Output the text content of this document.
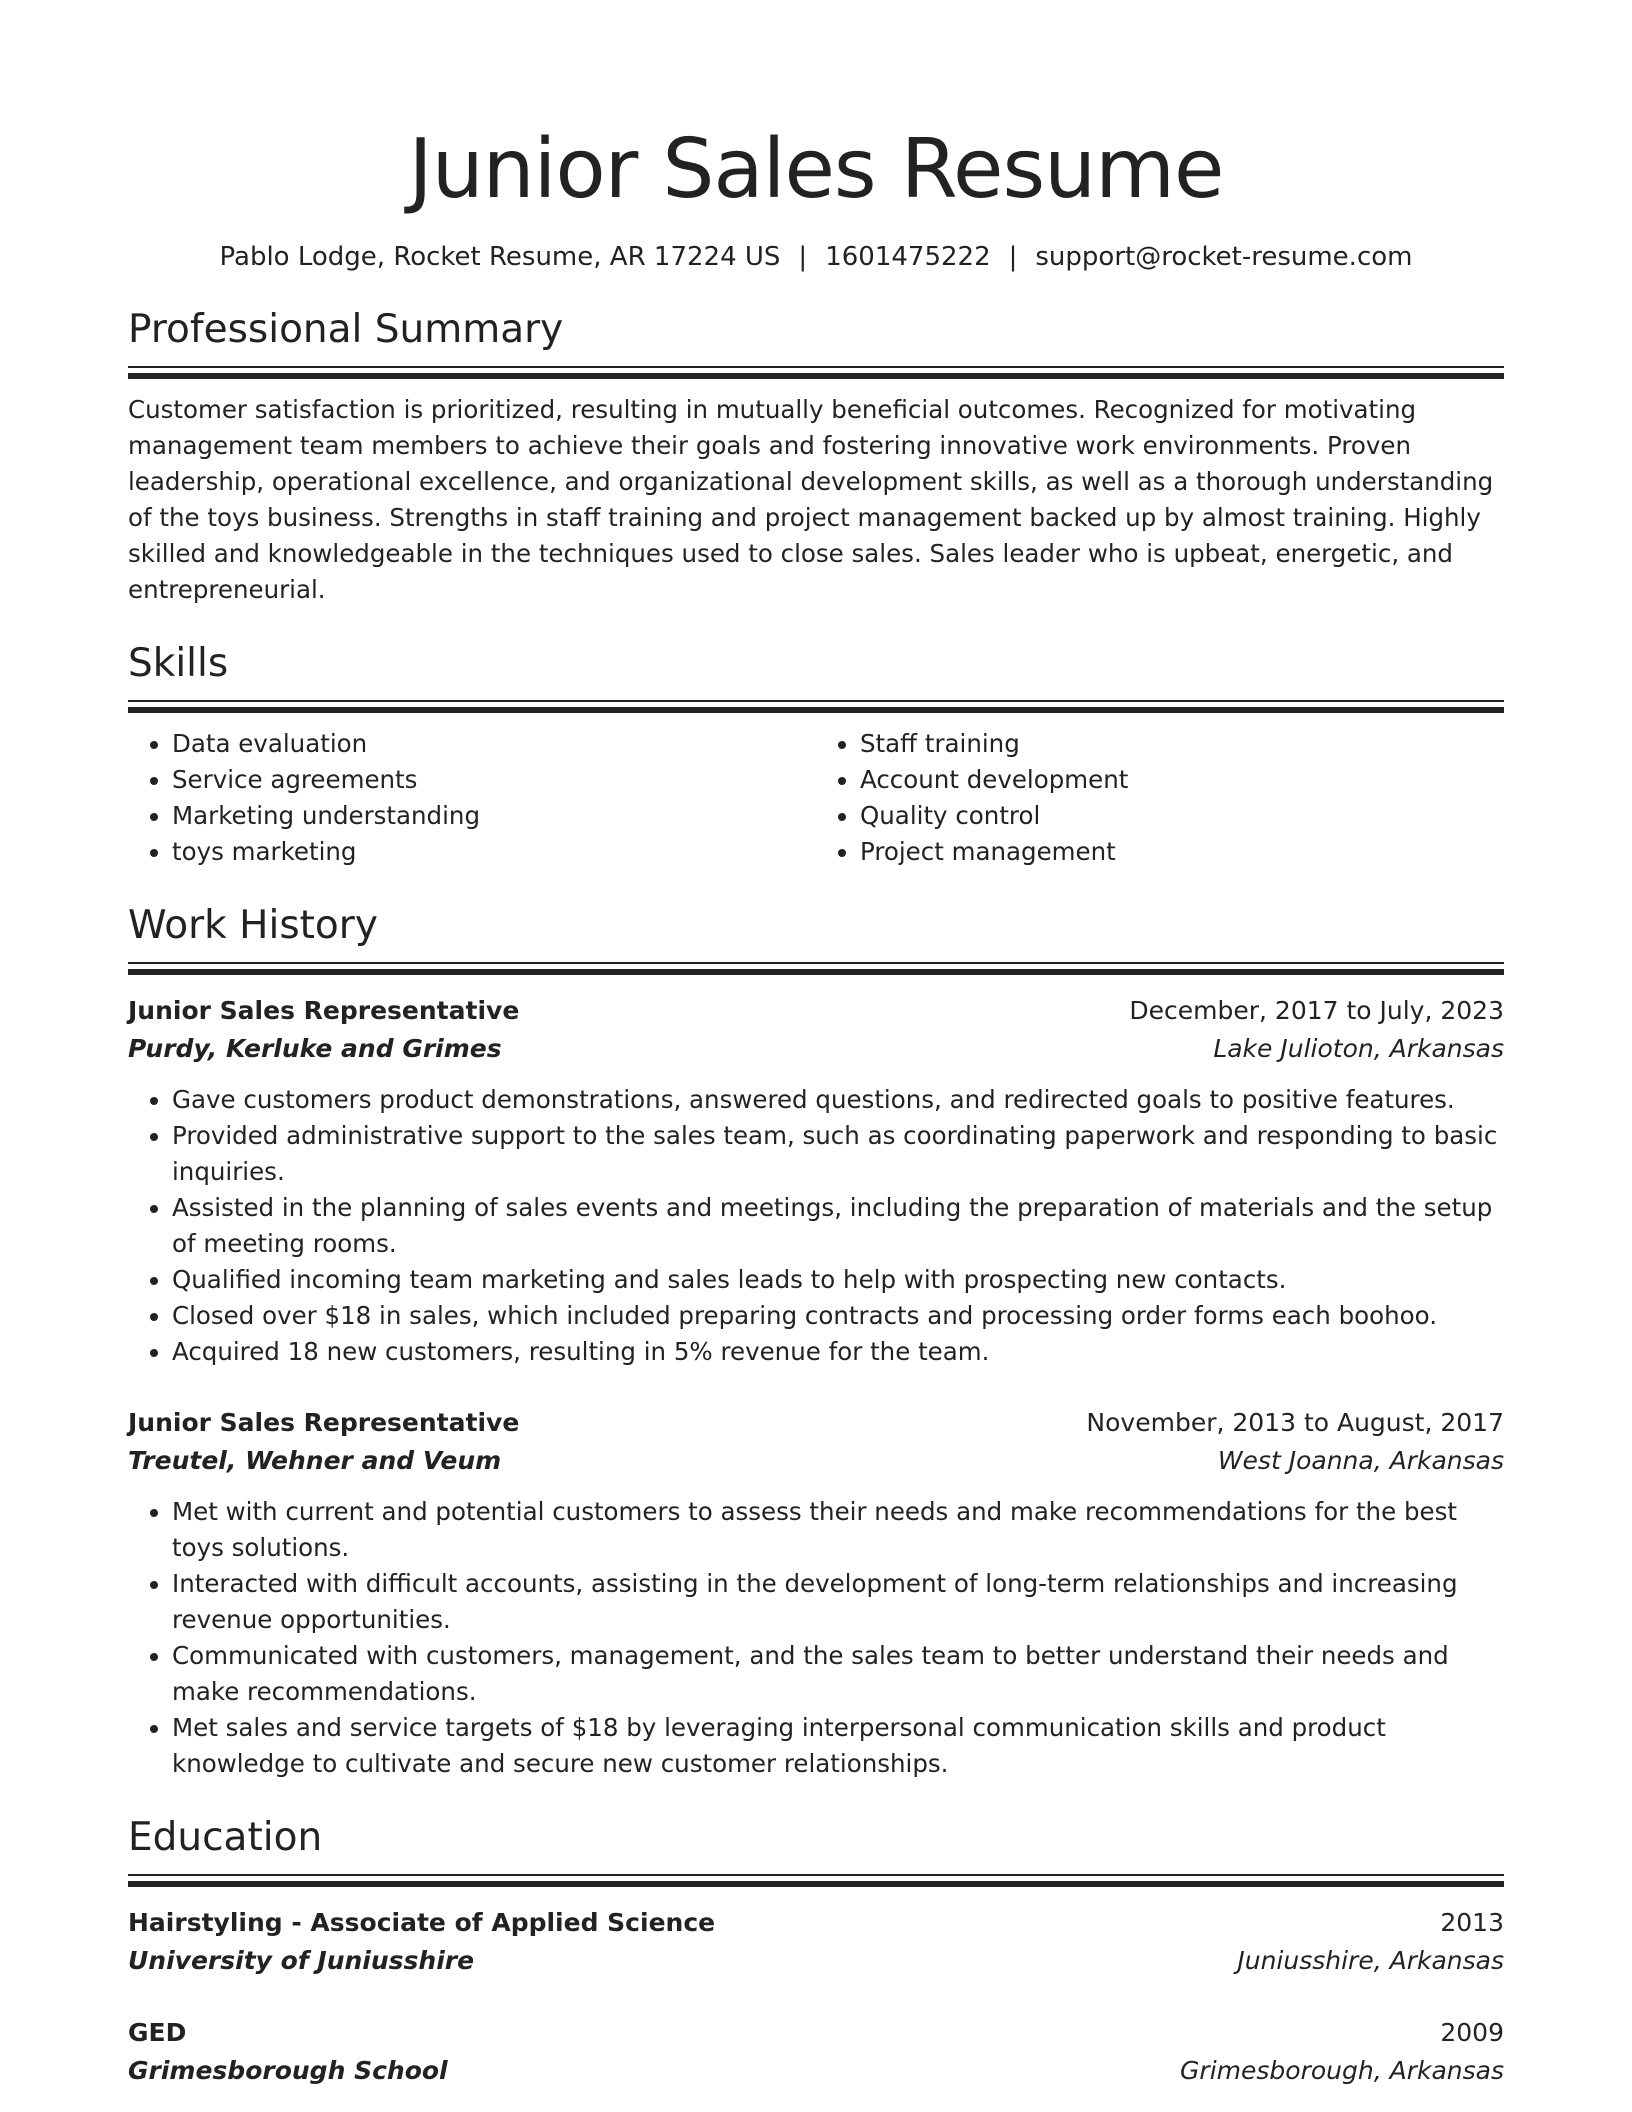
Junior Sales Resume
Pablo Lodge, Rocket Resume, AR 17224 US | 1601475222 | support@rocket-resume.com
Professional Summary
Customer satisfaction is prioritized, resulting in mutually beneficial outcomes. Recognized for motivating management team members to achieve their goals and fostering innovative work environments. Proven leadership, operational excellence, and organizational development skills, as well as a thorough understanding of the toys business. Strengths in staff training and project management backed up by almost training. Highly skilled and knowledgeable in the techniques used to close sales. Sales leader who is upbeat, energetic, and entrepreneurial.
Skills
• Data evaluation
• Service agreements
• Marketing understanding
• toys marketing
• Staff training
• Account development
• Quality control
• Project management
Work History
Junior Sales Representative	December, 2017 to July, 2023
Purdy, Kerluke and Grimes	Lake Julioton, Arkansas
• Gave customers product demonstrations, answered questions, and redirected goals to positive features.
• Provided administrative support to the sales team, such as coordinating paperwork and responding to basic inquiries.
• Assisted in the planning of sales events and meetings, including the preparation of materials and the setup of meeting rooms.
• Qualified incoming team marketing and sales leads to help with prospecting new contacts.
• Closed over $18 in sales, which included preparing contracts and processing order forms each boohoo.
• Acquired 18 new customers, resulting in 5% revenue for the team.
Junior Sales Representative	November, 2013 to August, 2017
Treutel, Wehner and Veum	West Joanna, Arkansas
• Met with current and potential customers to assess their needs and make recommendations for the best toys solutions.
• Interacted with difficult accounts, assisting in the development of long-term relationships and increasing revenue opportunities.
• Communicated with customers, management, and the sales team to better understand their needs and make recommendations.
• Met sales and service targets of $18 by leveraging interpersonal communication skills and product knowledge to cultivate and secure new customer relationships.
Education
Hairstyling - Associate of Applied Science	2013
University of Juniusshire	Juniusshire, Arkansas
GED	2009
Grimesborough School	Grimesborough, Arkansas
